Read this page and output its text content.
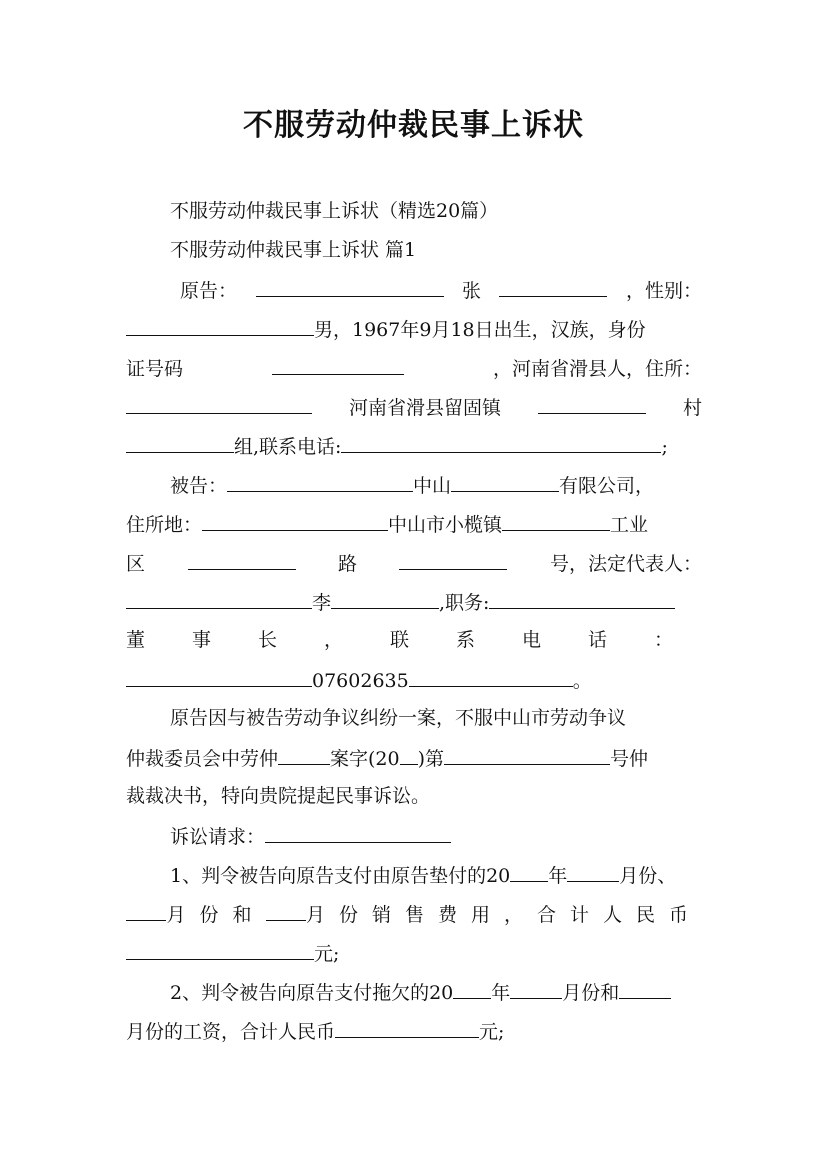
不服劳动仲裁民事上诉状
不服劳动仲裁民事上诉状（精选20篇）
不服劳动仲裁民事上诉状 篇1
原告：	张	，性别：
男，1967年9月18日出生，汉族，身份
证号码	，河南省滑县人，住所：
河南省滑县留固镇	村
组,联系电话:	;
被告：	中山	有限公司，
住所地：	中山市小榄镇	工业
区	路	号，法定代表人：
李	,职务:
董事长，联系电话：
07602635	。
原告因与被告劳动争议纠纷一案，不服中山市劳动争议
仲裁委员会中劳仲	案字(20 )第	号仲
裁裁决书，特向贵院提起民事诉讼。
诉讼请求：
1、判令被告向原告支付由原告垫付的20 年	月份、
月份和 月份销售费用，合计人民币
元;
2、判令被告向原告支付拖欠的20 年	月份和
月份的工资，合计人民币	元;
